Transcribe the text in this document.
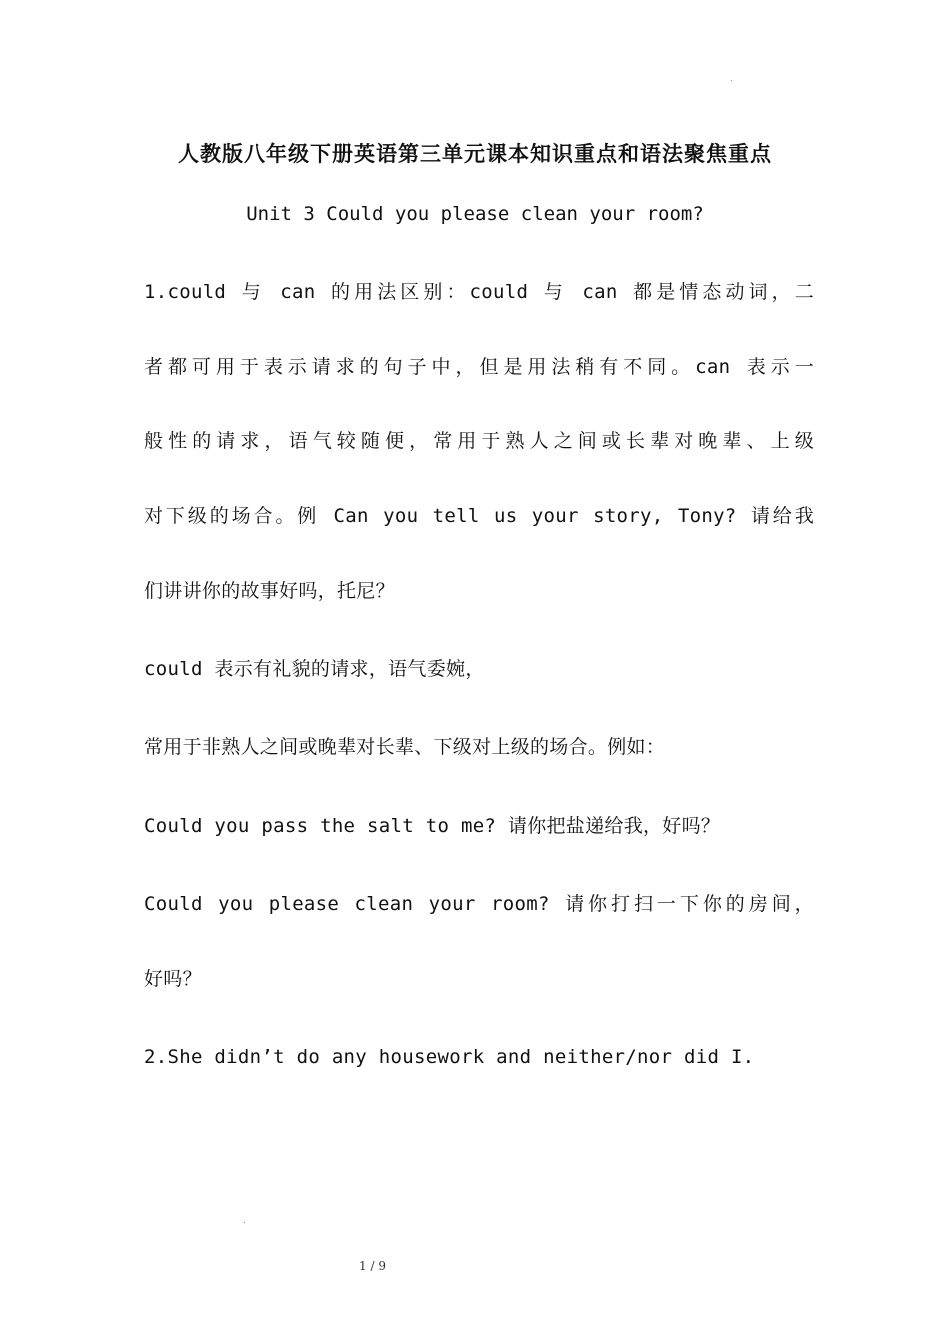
.
人教版八年级下册英语第三单元课本知识重点和语法聚焦重点

Unit 3 Could you please clean your room?

1.could 与 can 的用法区别：could 与 can 都是情态动词，二

者都可用于表示请求的句子中，但是用法稍有不同。can 表示一

般性的请求，语气较随便，常用于熟人之间或长辈对晚辈、上级

对下级的场合。例 Can you tell us your story, Tony? 请给我

们讲讲你的故事好吗，托尼？

could 表示有礼貌的请求，语气委婉，

常用于非熟人之间或晚辈对长辈、下级对上级的场合。例如：

Could you pass the salt to me? 请你把盐递给我，好吗？

Could you please clean your room? 请你打扫一下你的房间，

好吗？

2.She didn’t do any housework and neither/nor did I.

.
1 / 9
